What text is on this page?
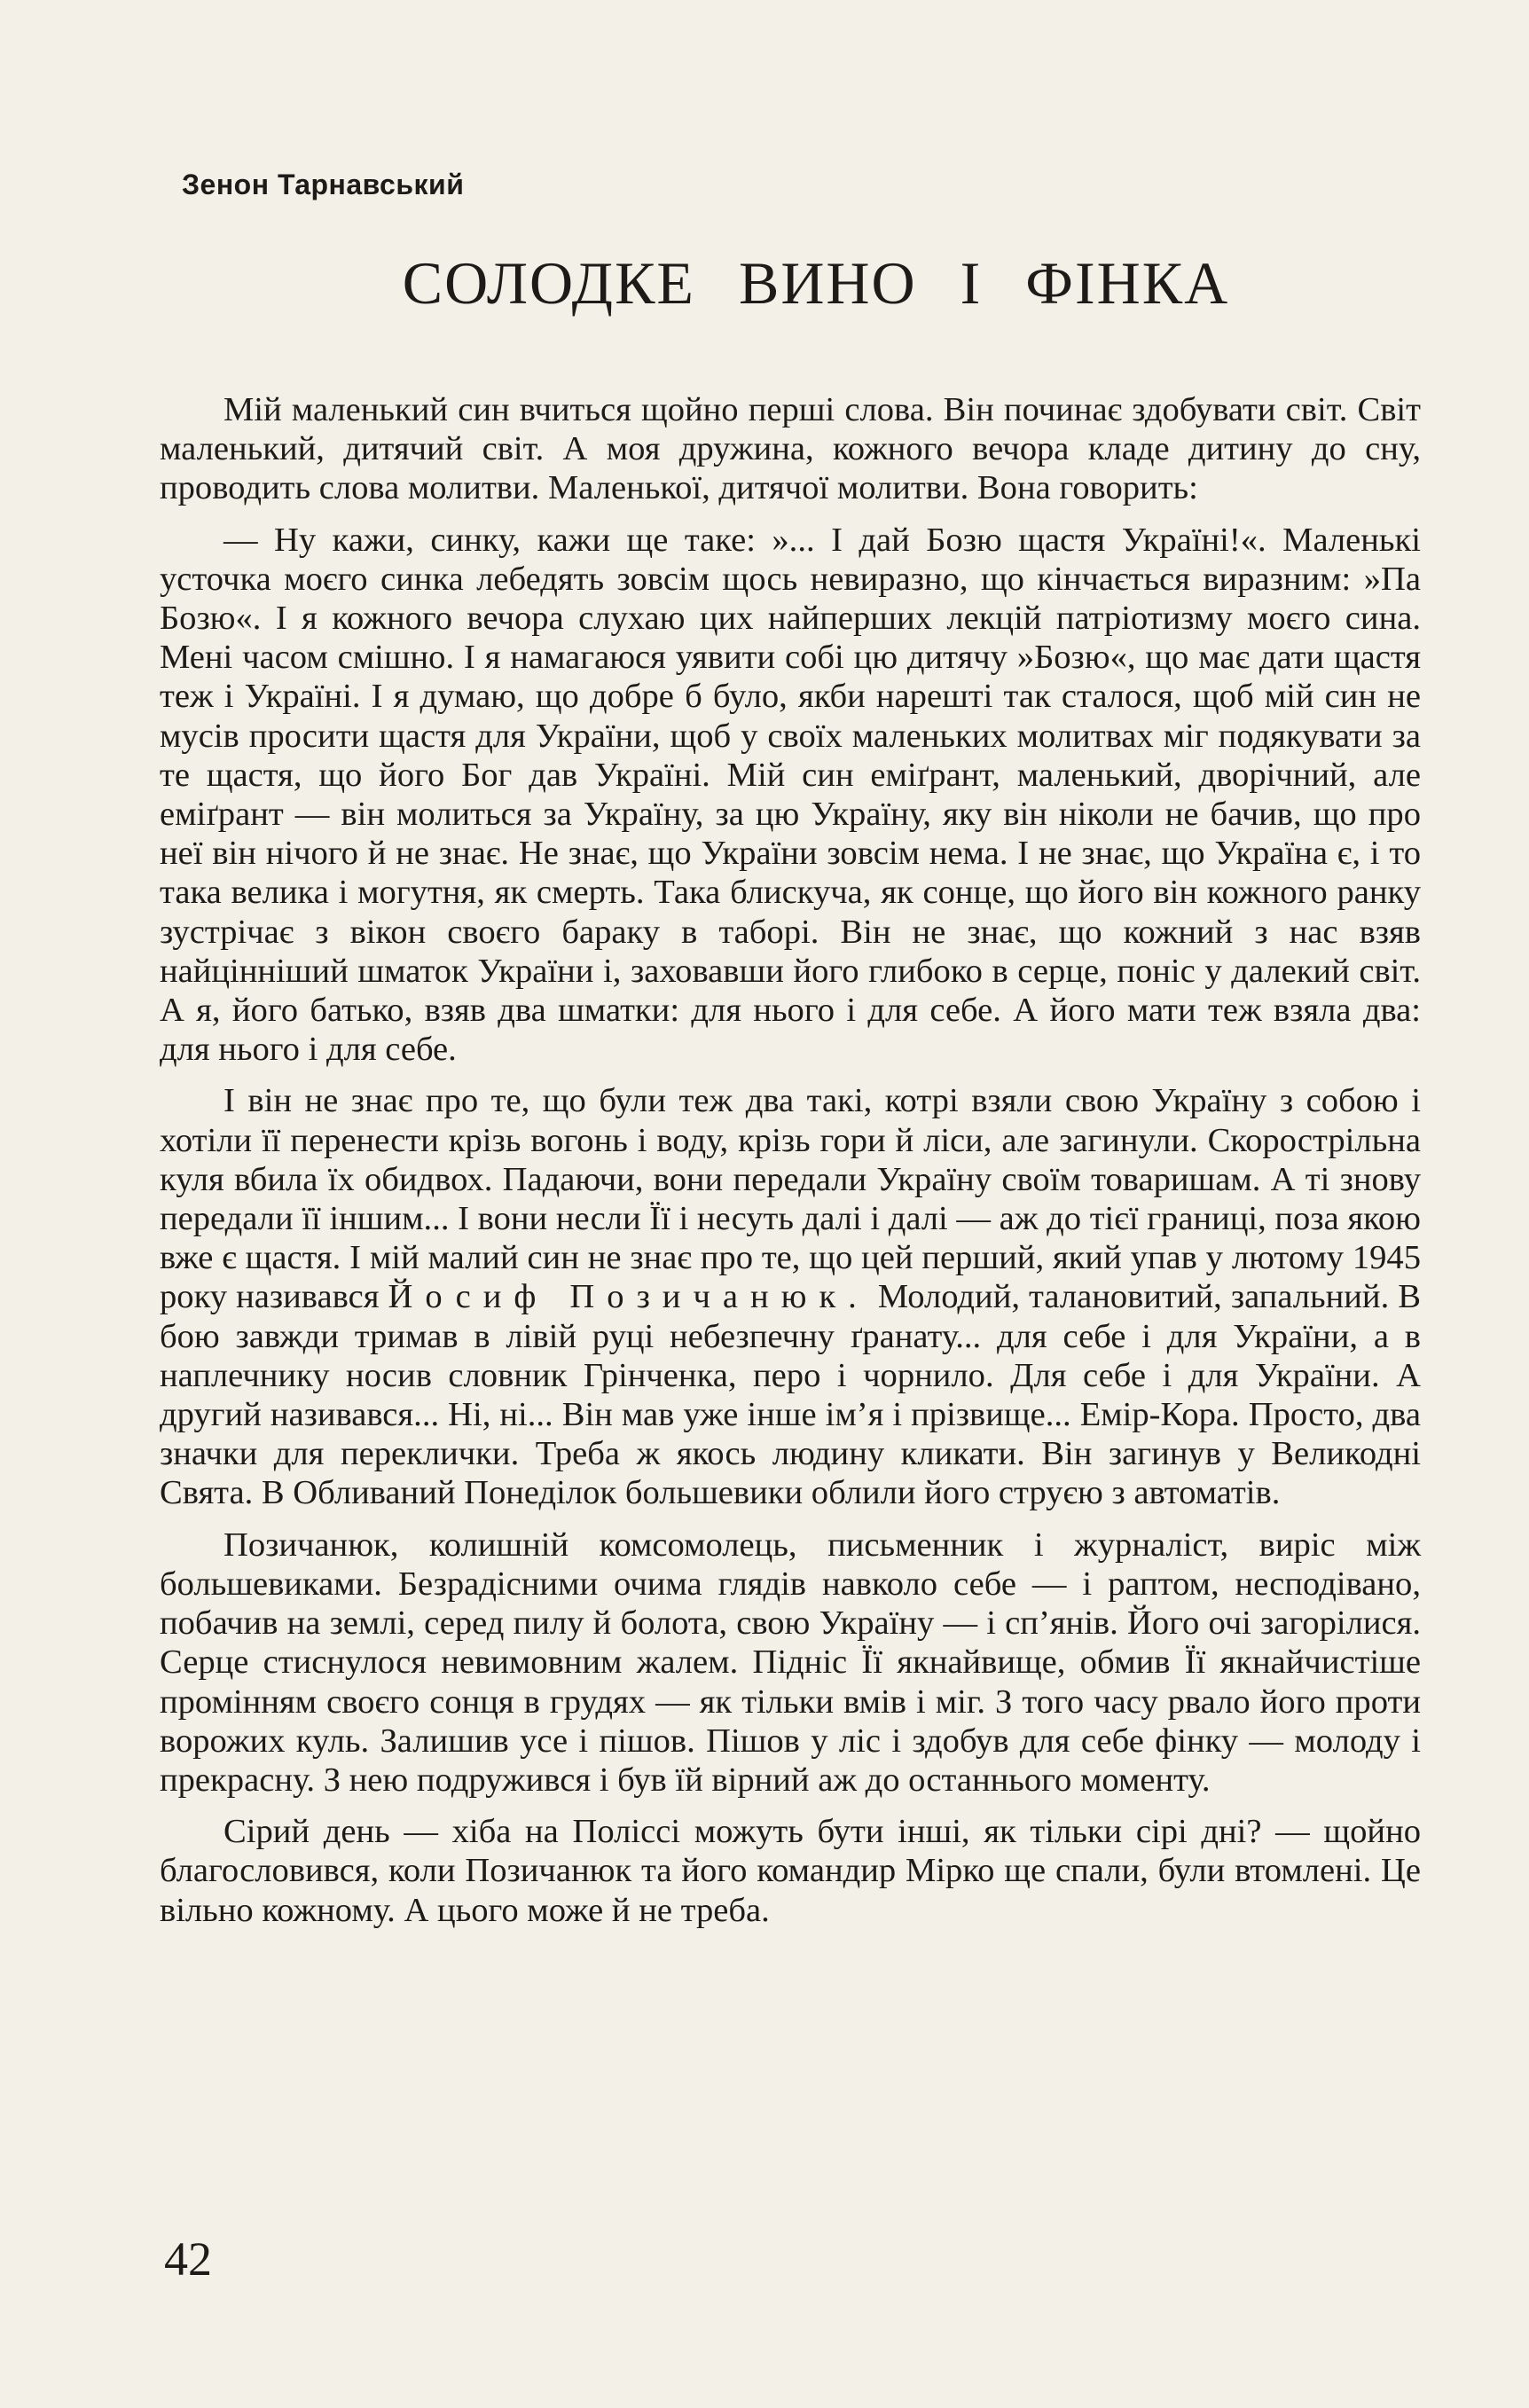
Зенон Тарнавський
СОЛОДКЕ ВИНО І ФІНКА

Мій маленький син вчиться щойно перші слова. Він починає здобувати світ. Світ маленький, дитячий світ. А моя дружина, кожного вечора кладе дитину до сну, проводить слова молитви. Маленької, дитячої молитви. Вона говорить:

— Ну кажи, синку, кажи ще таке: »... І дай Бозю щастя Україні!«. Маленькі усточка моєго синка лебедять зовсім щось невиразно, що кінчається виразним: »Па Бозю«. І я кожного вечора слухаю цих найперших лекцій патріотизму моєго сина. Мені часом смішно. І я намагаюся уявити собі цю дитячу »Бозю«, що має дати щастя теж і Україні. І я думаю, що добре б було, якби нарешті так сталося, щоб мій син не мусів просити щастя для України, щоб у своїх маленьких молитвах міг подякувати за те щастя, що його Бог дав Україні. Мій син еміґрант, маленький, дворічний, але еміґрант — він молиться за Україну, за цю Україну, яку він ніколи не бачив, що про неї він нічого й не знає. Не знає, що України зовсім нема. І не знає, що Україна є, і то така велика і могутня, як смерть. Така блискуча, як сонце, що його він кожного ранку зустрічає з вікон своєго бараку в таборі. Він не знає, що кожний з нас взяв найцінніший шматок України і, заховавши його глибоко в серце, поніс у далекий світ. А я, його батько, взяв два шматки: для нього і для себе. А його мати теж взяла два: для нього і для себе.

І він не знає про те, що були теж два такі, котрі взяли свою Україну з собою і хотіли її перенести крізь вогонь і воду, крізь гори й ліси, але загинули. Скорострільна куля вбила їх обидвох. Падаючи, вони передали Україну своїм товаришам. А ті знову передали її іншим... І вони несли Її і несуть далі і далі — аж до тієї границі, поза якою вже є щастя. І мій малий син не знає про те, що цей перший, який упав у лютому 1945 року називався Йосиф Позичанюк. Молодий, талановитий, запальний. В бою завжди тримав в лівій руці небезпечну ґранату... для себе і для України, а в наплечнику носив словник Грінченка, перо і чорнило. Для себе і для України. А другий називався... Ні, ні... Він мав уже інше ім’я і прізвище... Емір-Кора. Просто, два значки для переклички. Треба ж якось людину кликати. Він загинув у Великодні Свята. В Обливаний Понеділок большевики облили його струєю з автоматів.

Позичанюк, колишній комсомолець, письменник і журналіст, виріс між большевиками. Безрадісними очима глядів навколо себе — і раптом, несподівано, побачив на землі, серед пилу й болота, свою Україну — і сп’янів. Його очі загорілися. Серце стиснулося невимовним жалем. Підніс Її якнайвище, обмив Її якнайчистіше промінням своєго сонця в грудях — як тільки вмів і міг. З того часу рвало його проти ворожих куль. Залишив усе і пішов. Пішов у ліс і здобув для себе фінку — молоду і прекрасну. З нею подружився і був їй вірний аж до останнього моменту.

Сірий день — хіба на Поліссі можуть бути інші, як тільки сірі дні? — щойно благословився, коли Позичанюк та його командир Мірко ще спали, були втомлені. Це вільно кожному. А цього може й не треба.

42
